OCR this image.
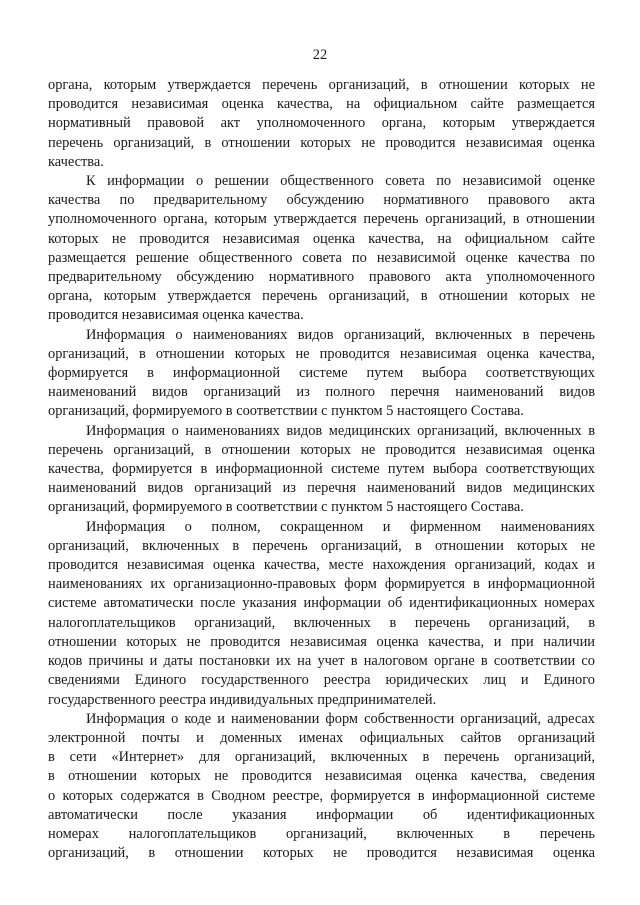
22
органа, которым утверждается перечень организаций, в отношении которых не
проводится независимая оценка качества, на официальном сайте размещается
нормативный правовой акт уполномоченного органа, которым утверждается
перечень организаций, в отношении которых не проводится независимая оценка
качества.
К информации о решении общественного совета по независимой оценке
качества по предварительному обсуждению нормативного правового акта
уполномоченного органа, которым утверждается перечень организаций, в отношении
которых не проводится независимая оценка качества, на официальном сайте
размещается решение общественного совета по независимой оценке качества по
предварительному обсуждению нормативного правового акта уполномоченного
органа, которым утверждается перечень организаций, в отношении которых не
проводится независимая оценка качества.
Информация о наименованиях видов организаций, включенных в перечень
организаций, в отношении которых не проводится независимая оценка качества,
формируется в информационной системе путем выбора соответствующих
наименований видов организаций из полного перечня наименований видов
организаций, формируемого в соответствии с пунктом 5 настоящего Состава.
Информация о наименованиях видов медицинских организаций, включенных в
перечень организаций, в отношении которых не проводится независимая оценка
качества, формируется в информационной системе путем выбора соответствующих
наименований видов организаций из перечня наименований видов медицинских
организаций, формируемого в соответствии с пунктом 5 настоящего Состава.
Информация о полном, сокращенном и фирменном наименованиях
организаций, включенных в перечень организаций, в отношении которых не
проводится независимая оценка качества, месте нахождения организаций, кодах и
наименованиях их организационно-правовых форм формируется в информационной
системе автоматически после указания информации об идентификационных номерах
налогоплательщиков организаций, включенных в перечень организаций, в
отношении которых не проводится независимая оценка качества, и при наличии
кодов причины и даты постановки их на учет в налоговом органе в соответствии со
сведениями Единого государственного реестра юридических лиц и Единого
государственного реестра индивидуальных предпринимателей.
Информация о коде и наименовании форм собственности организаций, адресах
электронной почты и доменных именах официальных сайтов организаций
в сети «Интернет» для организаций, включенных в перечень организаций,
в отношении которых не проводится независимая оценка качества, сведения
о которых содержатся в Сводном реестре, формируется в информационной системе
автоматически после указания информации об идентификационных
номерах налогоплательщиков организаций, включенных в перечень
организаций, в отношении которых не проводится независимая оценка
